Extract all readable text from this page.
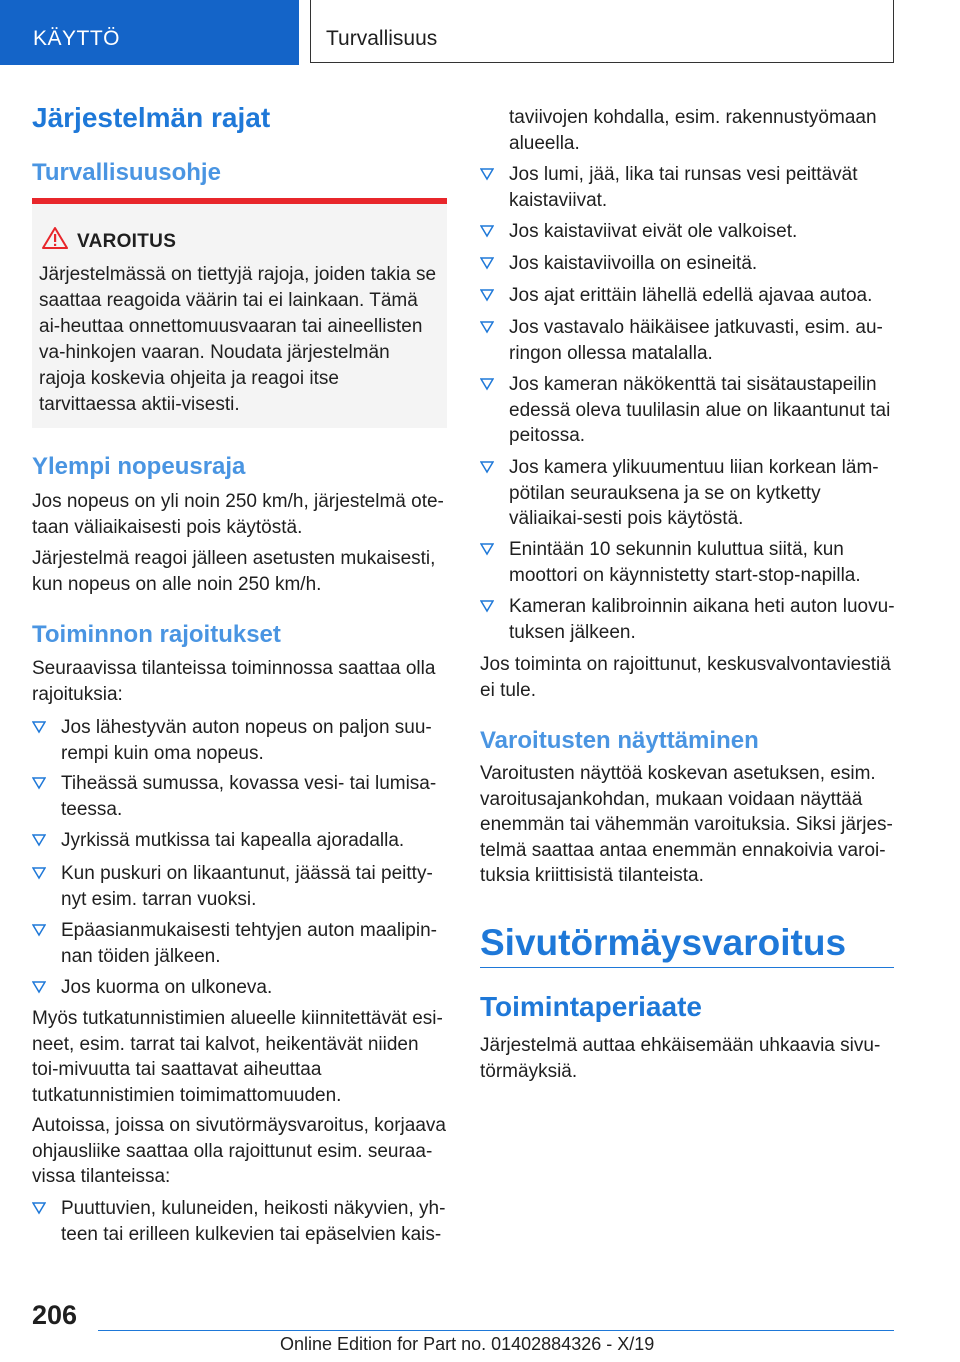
KÄYTTÖ	Turvallisuus
Järjestelmän rajat
Turvallisuusohje
VAROITUS

Järjestelmässä on tiettyjä rajoja, joiden takia se saattaa reagoida väärin tai ei lainkaan. Tämä ai-heuttaa onnettomuusvaaran tai aineellisten va-hinkojen vaaran. Noudata järjestelmän rajoja koskevia ohjeita ja reagoi itse tarvittaessa aktii-visesti.

Ylempi nopeusraja

Jos nopeus on yli noin 250 km/h, järjestelmä ote-taan väliaikaisesti pois käytöstä.

Järjestelmä reagoi jälleen asetusten mukaisesti, kun nopeus on alle noin 250 km/h.

Toiminnon rajoitukset

Seuraavissa tilanteissa toiminnossa saattaa olla rajoituksia:

Jos lähestyvän auton nopeus on paljon suu-rempi kuin oma nopeus.

Tiheässä sumussa, kovassa vesi- tai lumisa-teessa.

Jyrkissä mutkissa tai kapealla ajoradalla.

Kun puskuri on likaantunut, jäässä tai peitty-nyt esim. tarran vuoksi.

Epäasianmukaisesti tehtyjen auton maalipin-nan töiden jälkeen.

Jos kuorma on ulkoneva.

Myös tutkatunnistimien alueelle kiinnitettävät esi-neet, esim. tarrat tai kalvot, heikentävät niiden toi-mivuutta tai saattavat aiheuttaa tutkatunnistimien toimimattomuuden.

Autoissa, joissa on sivutörmäysvaroitus, korjaava ohjausliike saattaa olla rajoittunut esim. seuraa-vissa tilanteissa:

Puuttuvien, kuluneiden, heikosti näkyvien, yh-teen tai erilleen kulkevien tai epäselvien kais-

taviivojen kohdalla, esim. rakennustyömaan alueella.

Jos lumi, jää, lika tai runsas vesi peittävät kaistaviivat.

Jos kaistaviivat eivät ole valkoiset.

Jos kaistaviivoilla on esineitä.

Jos ajat erittäin lähellä edellä ajavaa autoa.

Jos vastavalo häikäisee jatkuvasti, esim. au-ringon ollessa matalalla.

Jos kameran näkökenttä tai sisätaustapeilin edessä oleva tuulilasin alue on likaantunut tai peitossa.

Jos kamera ylikuumentuu liian korkean läm-pötilan seurauksena ja se on kytketty väliaikai-sesti pois käytöstä.

Enintään 10 sekunnin kuluttua siitä, kun moottori on käynnistetty start-stop-napilla.

Kameran kalibroinnin aikana heti auton luovu-tuksen jälkeen.

Jos toiminta on rajoittunut, keskusvalvontaviestiä ei tule.

Varoitusten näyttäminen

Varoitusten näyttöä koskevan asetuksen, esim. varoitusajankohdan, mukaan voidaan näyttää enemmän tai vähemmän varoituksia. Siksi järjes-telmä saattaa antaa enemmän ennakoivia varoi-tuksia kriittisistä tilanteista.

Sivutörmäysvaroitus
Toimintaperiaate

Järjestelmä auttaa ehkäisemään uhkaavia sivu-törmäyksiä.

206
Online Edition for Part no. 01402884326 - X/19
